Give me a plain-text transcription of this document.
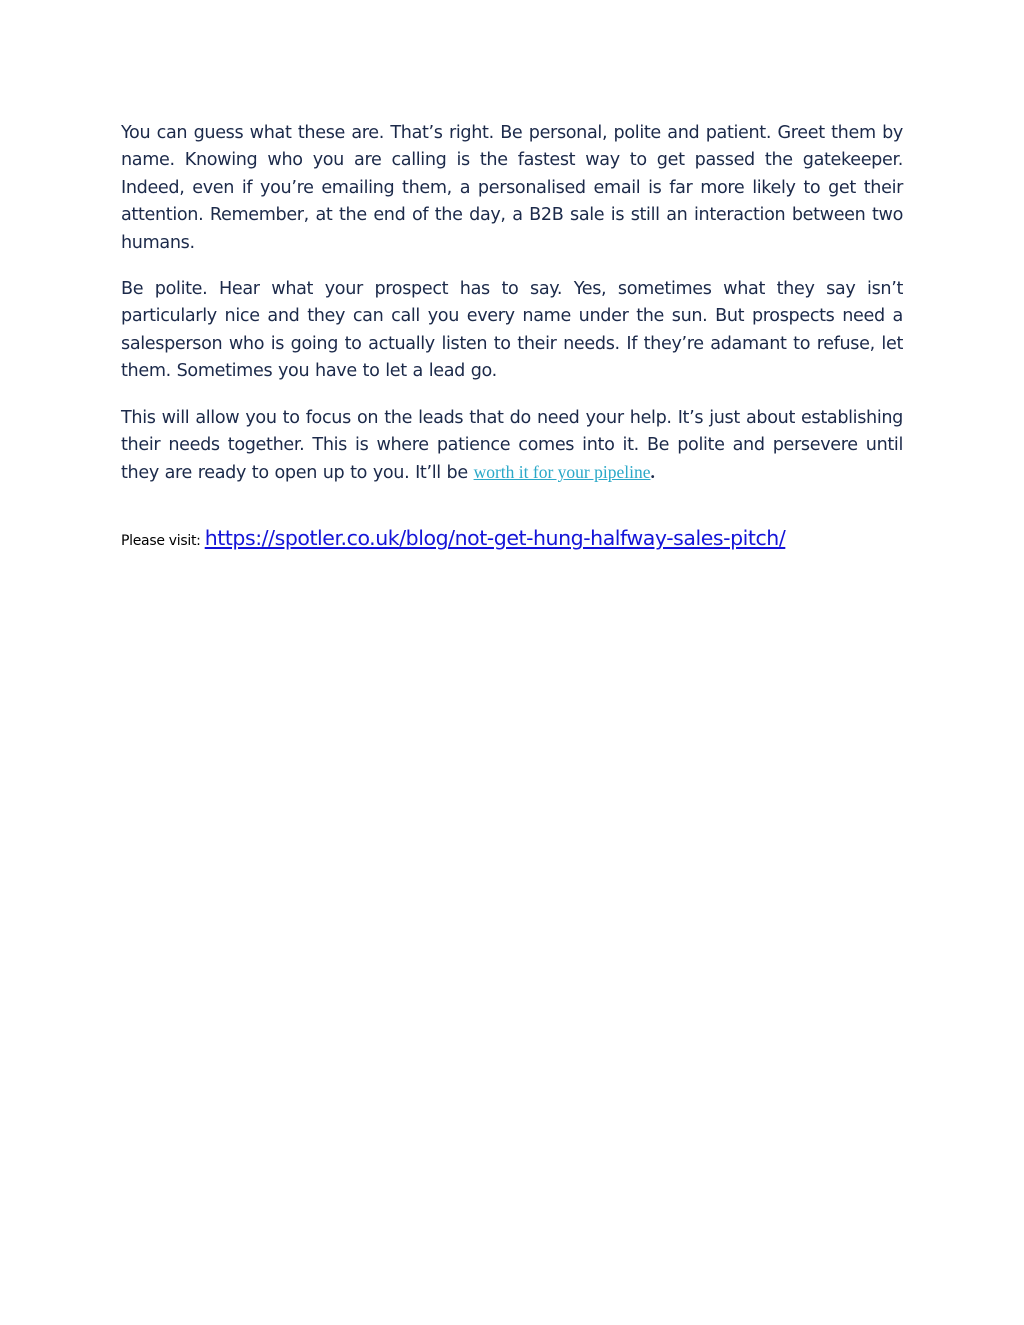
You can guess what these are. That’s right. Be personal, polite and patient. Greet them by name. Knowing who you are calling is the fastest way to get passed the gatekeeper. Indeed, even if you’re emailing them, a personalised email is far more likely to get their attention. Remember, at the end of the day, a B2B sale is still an interaction between two humans.

Be polite. Hear what your prospect has to say. Yes, sometimes what they say isn’t particularly nice and they can call you every name under the sun. But prospects need a salesperson who is going to actually listen to their needs. If they’re adamant to refuse, let them. Sometimes you have to let a lead go.

This will allow you to focus on the leads that do need your help. It’s just about establishing their needs together. This is where patience comes into it. Be polite and persevere until they are ready to open up to you. It’ll be worth it for your pipeline.

Please visit: https://spotler.co.uk/blog/not-get-hung-halfway-sales-pitch/
